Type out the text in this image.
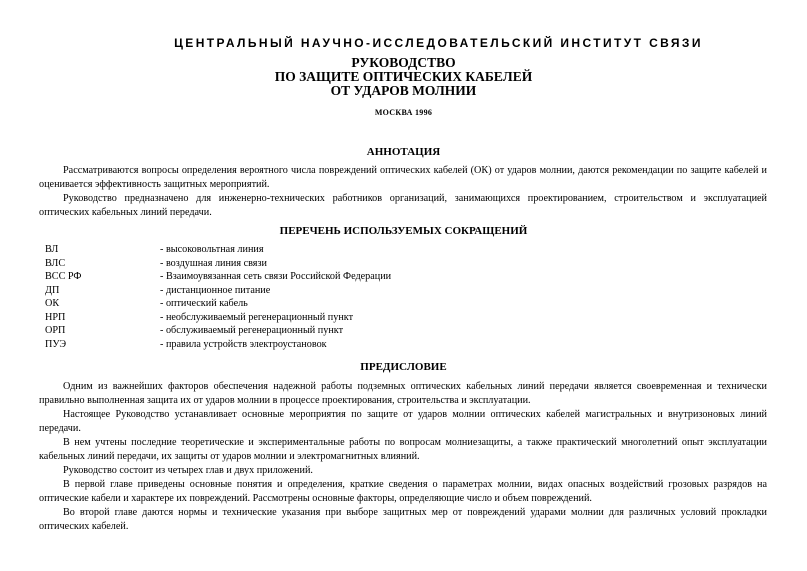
ЦЕНТРАЛЬНЫЙ НАУЧНО-ИССЛЕДОВАТЕЛЬСКИЙ ИНСТИТУТ СВЯЗИ
РУКОВОДСТВО
ПО ЗАЩИТЕ ОПТИЧЕСКИХ КАБЕЛЕЙ
ОТ УДАРОВ МОЛНИИ
МОСКВА 1996
АННОТАЦИЯ
Рассматриваются вопросы определения вероятного числа повреждений оптических кабелей (ОК) от ударов молнии, даются рекомендации по защите кабелей и оценивается эффективность защитных мероприятий.
Руководство предназначено для инженерно-технических работников организаций, занимающихся проектированием, строительством и эксплуатацией оптических кабельных линий передачи.
ПЕРЕЧЕНЬ ИСПОЛЬЗУЕМЫХ СОКРАЩЕНИЙ
ВЛ	- высоковольтная линия
ВЛС	- воздушная линия связи
ВСС РФ	- Взаимоувязанная сеть связи Российской Федерации
ДП	- дистанционное питание
ОК	- оптический кабель
НРП	- необслуживаемый регенерационный пункт
ОРП	- обслуживаемый регенерационный пункт
ПУЭ	- правила устройств электроустановок
ПРЕДИСЛОВИЕ
Одним из важнейших факторов обеспечения надежной работы подземных оптических кабельных линий передачи является своевременная и технически правильно выполненная защита их от ударов молнии в процессе проектирования, строительства и эксплуатации.
Настоящее Руководство устанавливает основные мероприятия по защите от ударов молнии оптических кабелей магистральных и внутризоновых линий передачи.
В нем учтены последние теоретические и экспериментальные работы по вопросам молниезащиты, а также практический многолетний опыт эксплуатации кабельных линий передачи, их защиты от ударов молнии и электромагнитных влияний.
Руководство состоит из четырех глав и двух приложений.
В первой главе приведены основные понятия и определения, краткие сведения о параметрах молнии, видах опасных воздействий грозовых разрядов на оптические кабели и характере их повреждений. Рассмотрены основные факторы, определяющие число и объем повреждений.
Во второй главе даются нормы и технические указания при выборе защитных мер от повреждений ударами молнии для различных условий прокладки оптических кабелей.
